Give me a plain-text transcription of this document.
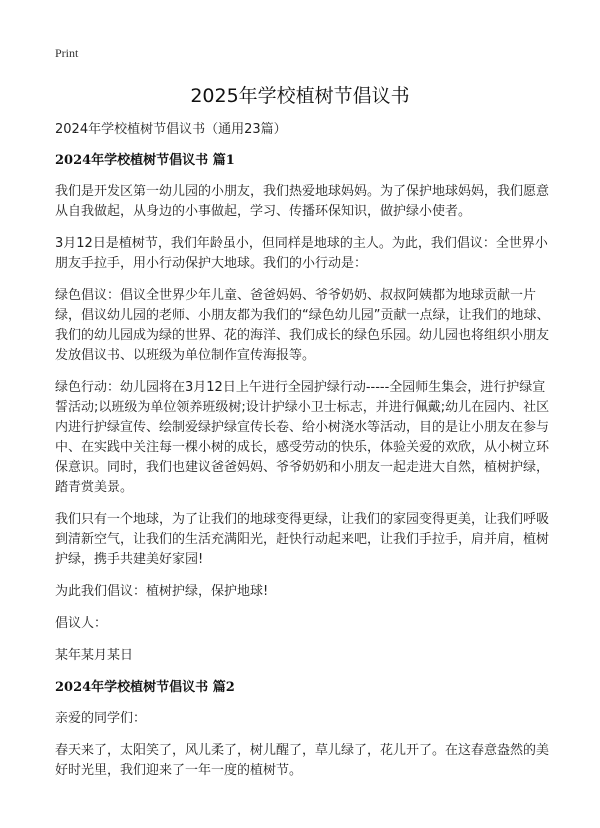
Print
2025年学校植树节倡议书

2024年学校植树节倡议书（通用23篇）

2024年学校植树节倡议书 篇1

我们是开发区第一幼儿园的小朋友，我们热爱地球妈妈。为了保护地球妈妈，我们愿意从自我做起，从身边的小事做起，学习、传播环保知识，做护绿小使者。

3月12日是植树节，我们年龄虽小，但同样是地球的主人。为此，我们倡议：全世界小朋友手拉手，用小行动保护大地球。我们的小行动是：

绿色倡议：倡议全世界少年儿童、爸爸妈妈、爷爷奶奶、叔叔阿姨都为地球贡献一片绿，倡议幼儿园的老师、小朋友都为我们的“绿色幼儿园”贡献一点绿，让我们的地球、我们的幼儿园成为绿的世界、花的海洋、我们成长的绿色乐园。幼儿园也将组织小朋友发放倡议书、以班级为单位制作宣传海报等。

绿色行动：幼儿园将在3月12日上午进行全园护绿行动-----全园师生集会，进行护绿宣誓活动;以班级为单位领养班级树;设计护绿小卫士标志，并进行佩戴;幼儿在园内、社区内进行护绿宣传、绘制爱绿护绿宣传长卷、给小树浇水等活动，目的是让小朋友在参与中、在实践中关注每一棵小树的成长，感受劳动的快乐，体验关爱的欢欣，从小树立环保意识。同时，我们也建议爸爸妈妈、爷爷奶奶和小朋友一起走进大自然，植树护绿，踏青赏美景。

我们只有一个地球，为了让我们的地球变得更绿，让我们的家园变得更美，让我们呼吸到清新空气，让我们的生活充满阳光，赶快行动起来吧，让我们手拉手，肩并肩，植树护绿，携手共建美好家园!

为此我们倡议：植树护绿，保护地球!

倡议人：

某年某月某日

2024年学校植树节倡议书 篇2

亲爱的同学们：

春天来了，太阳笑了，风儿柔了，树儿醒了，草儿绿了，花儿开了。在这春意盎然的美好时光里，我们迎来了一年一度的植树节。
